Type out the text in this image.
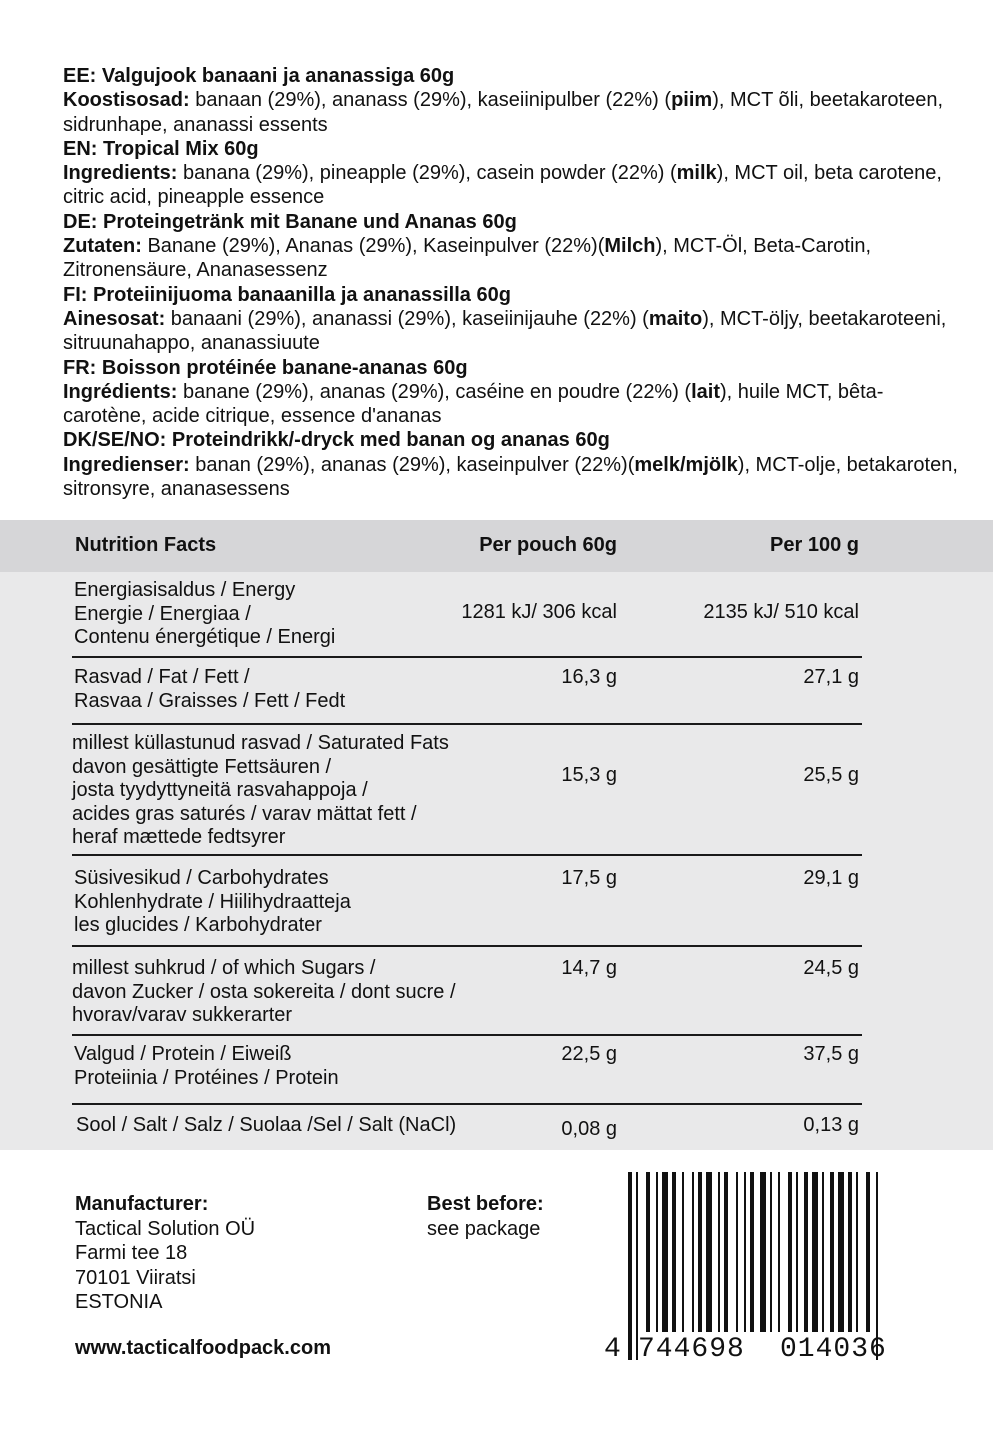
EE: Valgujook banaani ja ananassiga 60g
Koostisosad: banaan (29%), ananass (29%), kaseiinipulber (22%) (piim), MCT õli, beetakaroteen, sidrunhape, ananassi essents
EN: Tropical Mix 60g
Ingredients: banana (29%), pineapple (29%), casein powder (22%) (milk), MCT oil, beta carotene, citric acid, pineapple essence
DE: Proteingetränk mit Banane und Ananas 60g
Zutaten: Banane (29%), Ananas (29%), Kaseinpulver (22%)(Milch), MCT-Öl, Beta-Carotin, Zitronensäure, Ananasessenz
FI: Proteiinijuoma banaanilla ja ananassilla 60g
Ainesosat: banaani (29%), ananassi (29%), kaseiinijauhe (22%) (maito), MCT-öljy, beetakaroteeni, sitruunahappo, ananassiuute
FR: Boisson protéinée banane-ananas 60g
Ingrédients: banane (29%), ananas (29%), caséine en poudre (22%) (lait), huile MCT, bêta-carotène, acide citrique, essence d'ananas
DK/SE/NO: Proteindrikk/-dryck med banan og ananas 60g
Ingredienser: banan (29%), ananas (29%), kaseinpulver (22%)(melk/mjölk), MCT-olje, betakaroten, sitronsyre, ananasessens
Nutrition Facts	Per pouch 60g	Per 100 g
Energiasisaldus / Energy
Energie / Energiaa /
Contenu énergétique / Energi
1281 kJ/ 306 kcal	2135 kJ/ 510 kcal
Rasvad / Fat / Fett /
Rasvaa / Graisses / Fett / Fedt
16,3 g	27,1 g
millest küllastunud rasvad / Saturated Fats
davon gesättigte Fettsäuren /
josta tyydyttyneitä rasvahappoja /
acides gras saturés / varav mättat fett /
heraf mættede fedtsyrer
15,3 g	25,5 g
Süsivesikud / Carbohydrates
Kohlenhydrate / Hiilihydraatteja
les glucides / Karbohydrater
17,5 g	29,1 g
millest suhkrud / of which Sugars /
davon Zucker / osta sokereita / dont sucre /
hvorav/varav sukkerarter
14,7 g	24,5 g
Valgud / Protein / Eiweiß
Proteiinia / Protéines / Protein
22,5 g	37,5 g
Sool / Salt / Salz / Suolaa /Sel / Salt (NaCl)	0,08 g	0,13 g
Manufacturer:
Tactical Solution OÜ
Farmi tee 18
70101 Viiratsi
ESTONIA
Best before:
see package
www.tacticalfoodpack.com	4 744698 014036
